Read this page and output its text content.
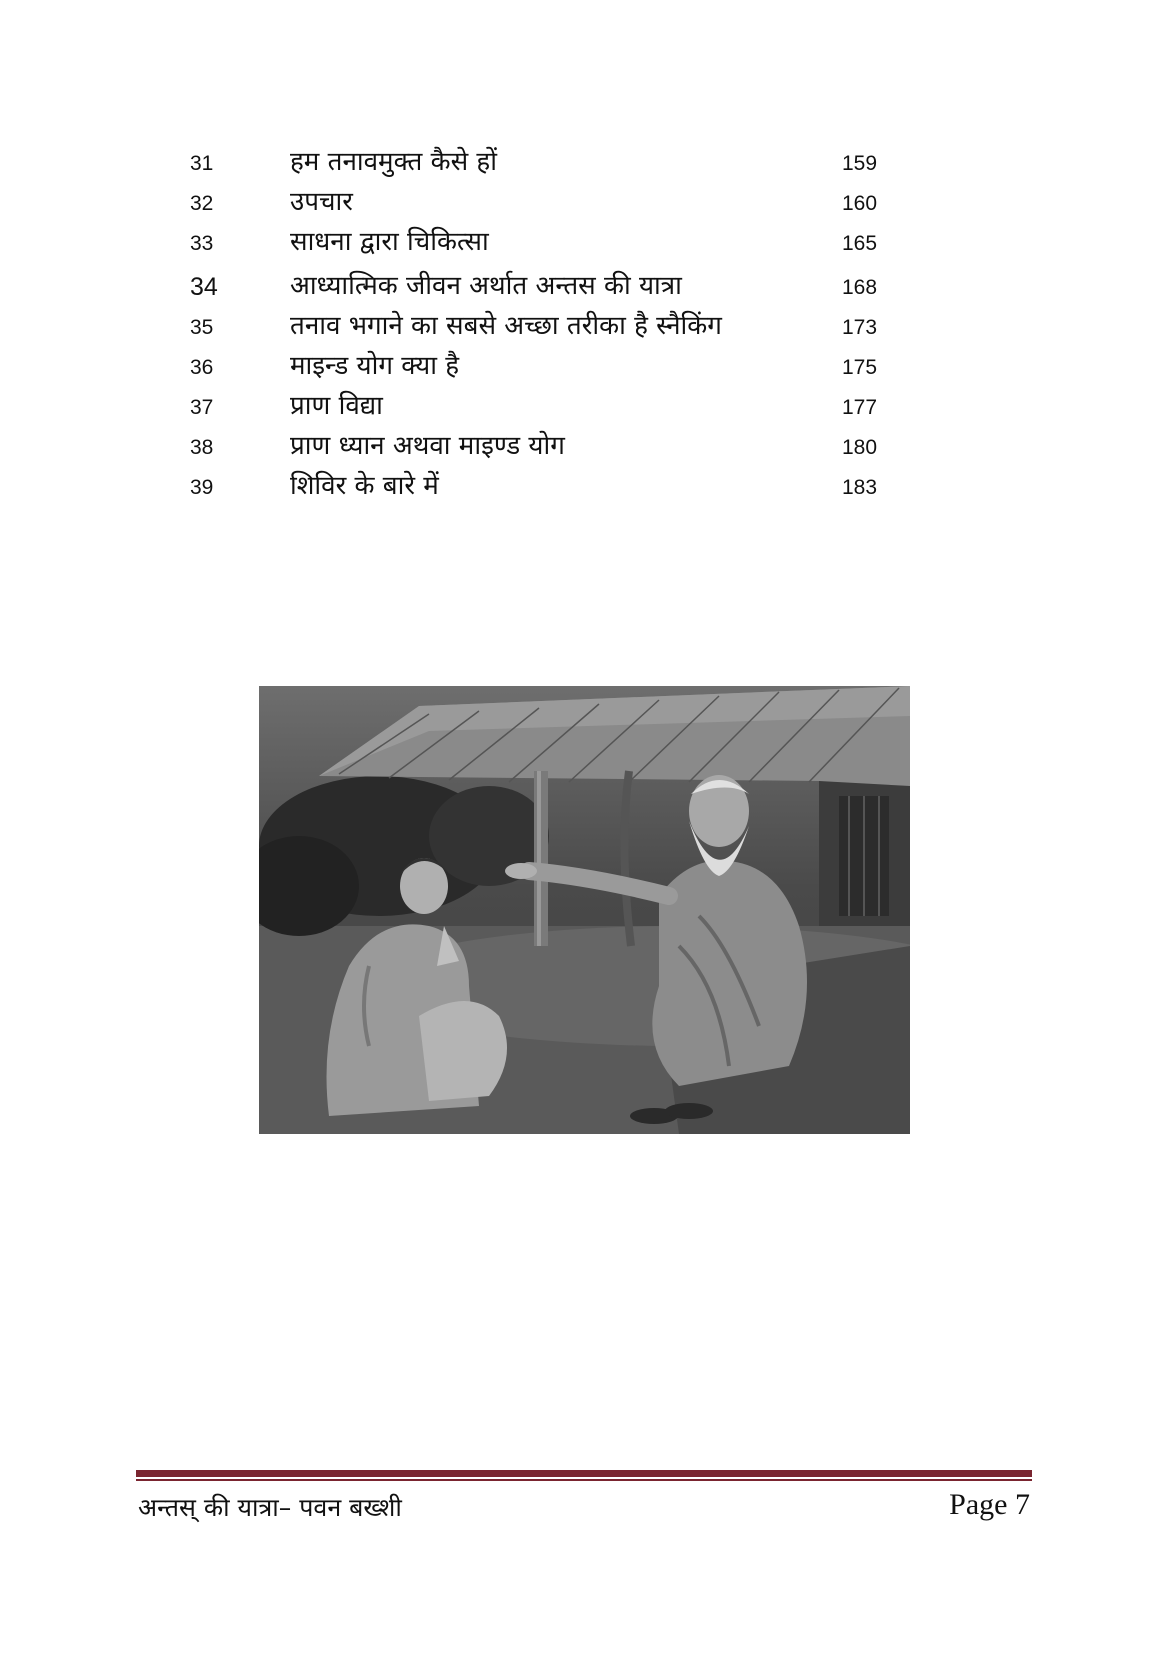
31	हम तनावमुक्त कैसे हों	159
32	उपचार	160
33	साधना द्वारा चिकित्सा	165
34	आध्यात्मिक जीवन अर्थात अन्तस की यात्रा	168
35	तनाव भगाने का सबसे अच्छा तरीका है स्नैकिंग	173
36	माइन्ड योग क्या है	175
37	प्राण विद्या	177
38	प्राण ध्यान अथवा माइण्ड योग	180
39	शिविर के बारे में	183
अन्तस् की यात्रा– पवन बख्शी	Page 7
